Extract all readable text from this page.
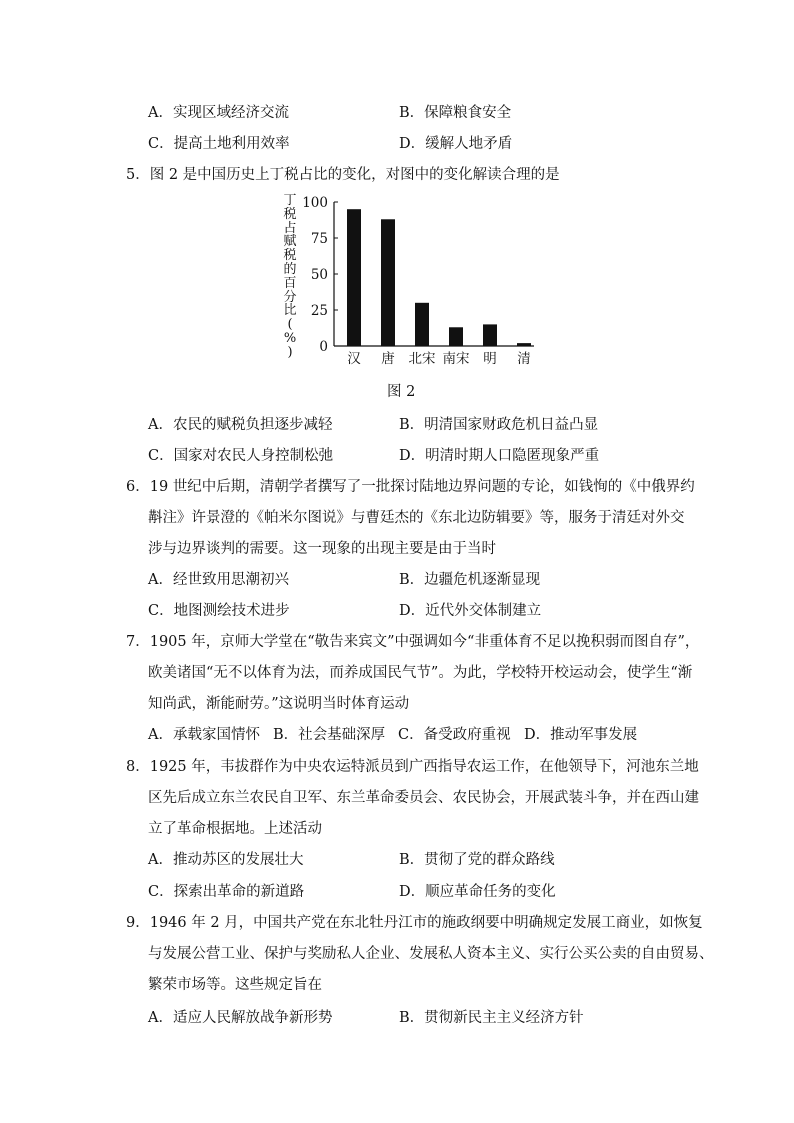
A．实现区域经济交流	B．保障粮食安全
C．提高土地利用效率	D．缓解人地矛盾
5．图 2 是中国历史上丁税占比的变化，对图中的变化解读合理的是
丁
税
占
赋
税
的
百
分
比
(
%
)	0
25
50
75
100
汉 唐 北宋 南宋 明 清
图 2
A．农民的赋税负担逐步减轻	B．明清国家财政危机日益凸显
C．国家对农民人身控制松弛	D．明清时期人口隐匿现象严重
6．19 世纪中后期，清朝学者撰写了一批探讨陆地边界问题的专论，如钱恂的《中俄界约
斠注》许景澄的《帕米尔图说》与曹廷杰的《东北边防辑要》等，服务于清廷对外交
涉与边界谈判的需要。这一现象的出现主要是由于当时
A．经世致用思潮初兴	B．边疆危机逐渐显现
C．地图测绘技术进步	D．近代外交体制建立
7．1905 年，京师大学堂在“敬告来宾文”中强调如今“非重体育不足以挽积弱而图自存”，
欧美诸国“无不以体育为法，而养成国民气节”。为此，学校特开校运动会，使学生“渐
知尚武，渐能耐劳。”这说明当时体育运动
A．承载家国情怀 B．社会基础深厚 C．备受政府重视 D．推动军事发展
8．1925 年，韦拔群作为中央农运特派员到广西指导农运工作，在他领导下，河池东兰地
区先后成立东兰农民自卫军、东兰革命委员会、农民协会，开展武装斗争，并在西山建
立了革命根据地。上述活动
A．推动苏区的发展壮大	B．贯彻了党的群众路线
C．探索出革命的新道路	D．顺应革命任务的变化
9．1946 年 2 月，中国共产党在东北牡丹江市的施政纲要中明确规定发展工商业，如恢复
与发展公营工业、保护与奖励私人企业、发展私人资本主义、实行公买公卖的自由贸易、
繁荣市场等。这些规定旨在
A．适应人民解放战争新形势	B．贯彻新民主主义经济方针
